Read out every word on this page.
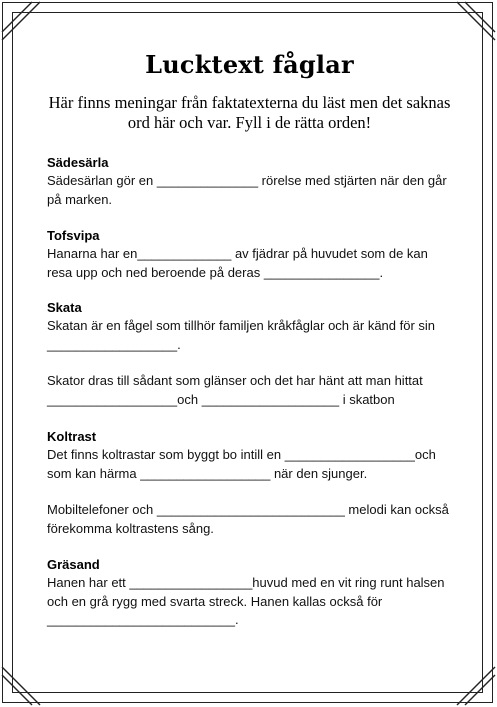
Lucktext fåglar

Här finns meningar från faktatexterna du läst men det saknas ord här och var. Fyll i de rätta orden!

Sädesärla

Sädesärlan gör en ______________ rörelse med stjärten när den går på marken.

Tofsvipa

Hanarna har en_____________ av fjädrar på huvudet som de kan resa upp och ned beroende på deras ________________.

Skata

Skatan är en fågel som tillhör familjen kråkfåglar och är känd för sin __________________.

Skator dras till sådant som glänser och det har hänt att man hittat __________________och ___________________ i skatbon

Koltrast

Det finns koltrastar som byggt bo intill en __________________och som kan härma __________________ när den sjunger.

Mobiltelefoner och __________________________ melodi kan också förekomma koltrastens sång.

Gräsand

Hanen har ett _________________huvud med en vit ring runt halsen och en grå rygg med svarta streck. Hanen kallas också för __________________________.
